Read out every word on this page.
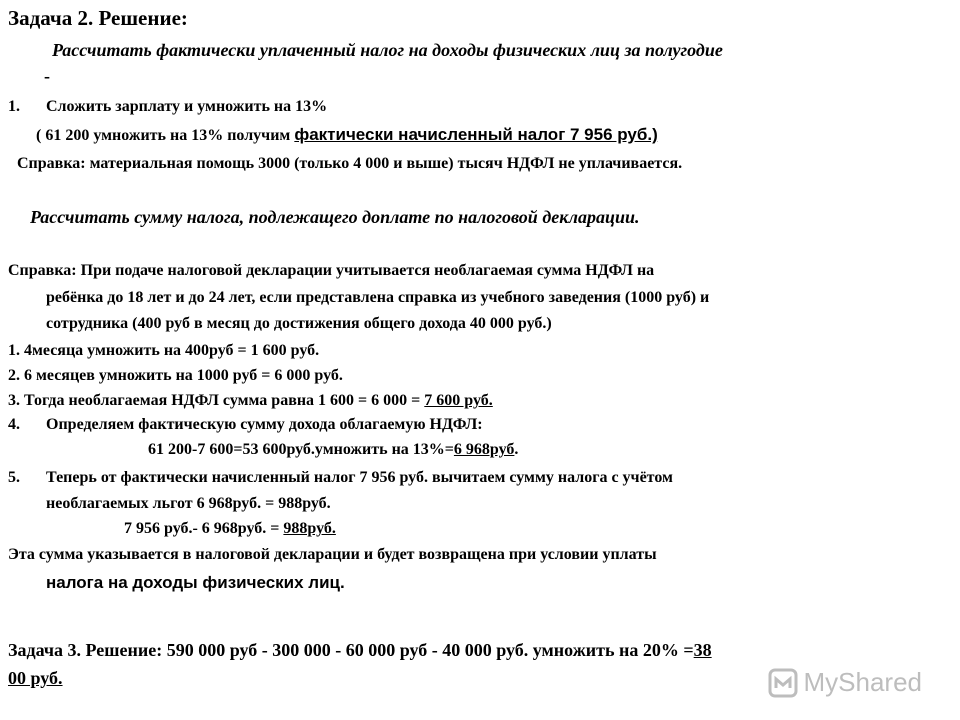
Задача 2. Решение:
Рассчитать фактически уплаченный налог на доходы физических лиц за полугодие
-
1. Сложить зарплату и умножить на 13%
( 61 200 умножить на 13% получим фактически начисленный налог 7 956 руб.)
Справка: материальная помощь 3000 (только 4 000 и выше) тысяч НДФЛ не уплачивается.
Рассчитать сумму налога, подлежащего доплате по налоговой декларации.
Справка: При подаче налоговой декларации учитывается необлагаемая сумма НДФЛ на
ребёнка до 18 лет и до 24 лет, если представлена справка из учебного заведения (1000 руб) и
сотрудника (400 руб в месяц до достижения общего дохода 40 000 руб.)
1. 4месяца умножить на 400руб = 1 600 руб.
2. 6 месяцев умножить на 1000 руб = 6 000 руб.
3. Тогда необлагаемая НДФЛ сумма равна 1 600 = 6 000 = 7 600 руб.
4. Определяем фактическую сумму дохода облагаемую НДФЛ:
61 200-7 600=53 600руб.умножить на 13%=6 968руб.
5. Теперь от фактически начисленный налог 7 956 руб. вычитаем сумму налога с учётом
необлагаемых льгот 6 968руб. = 988руб.
7 956 руб.- 6 968руб. = 988руб.
Эта сумма указывается в налоговой декларации и будет возвращена при условии уплаты
налога на доходы физических лиц.
Задача 3. Решение: 590 000 руб - 300 000 - 60 000 руб - 40 000 руб. умножить на 20% =38
00 руб.	MyShared
